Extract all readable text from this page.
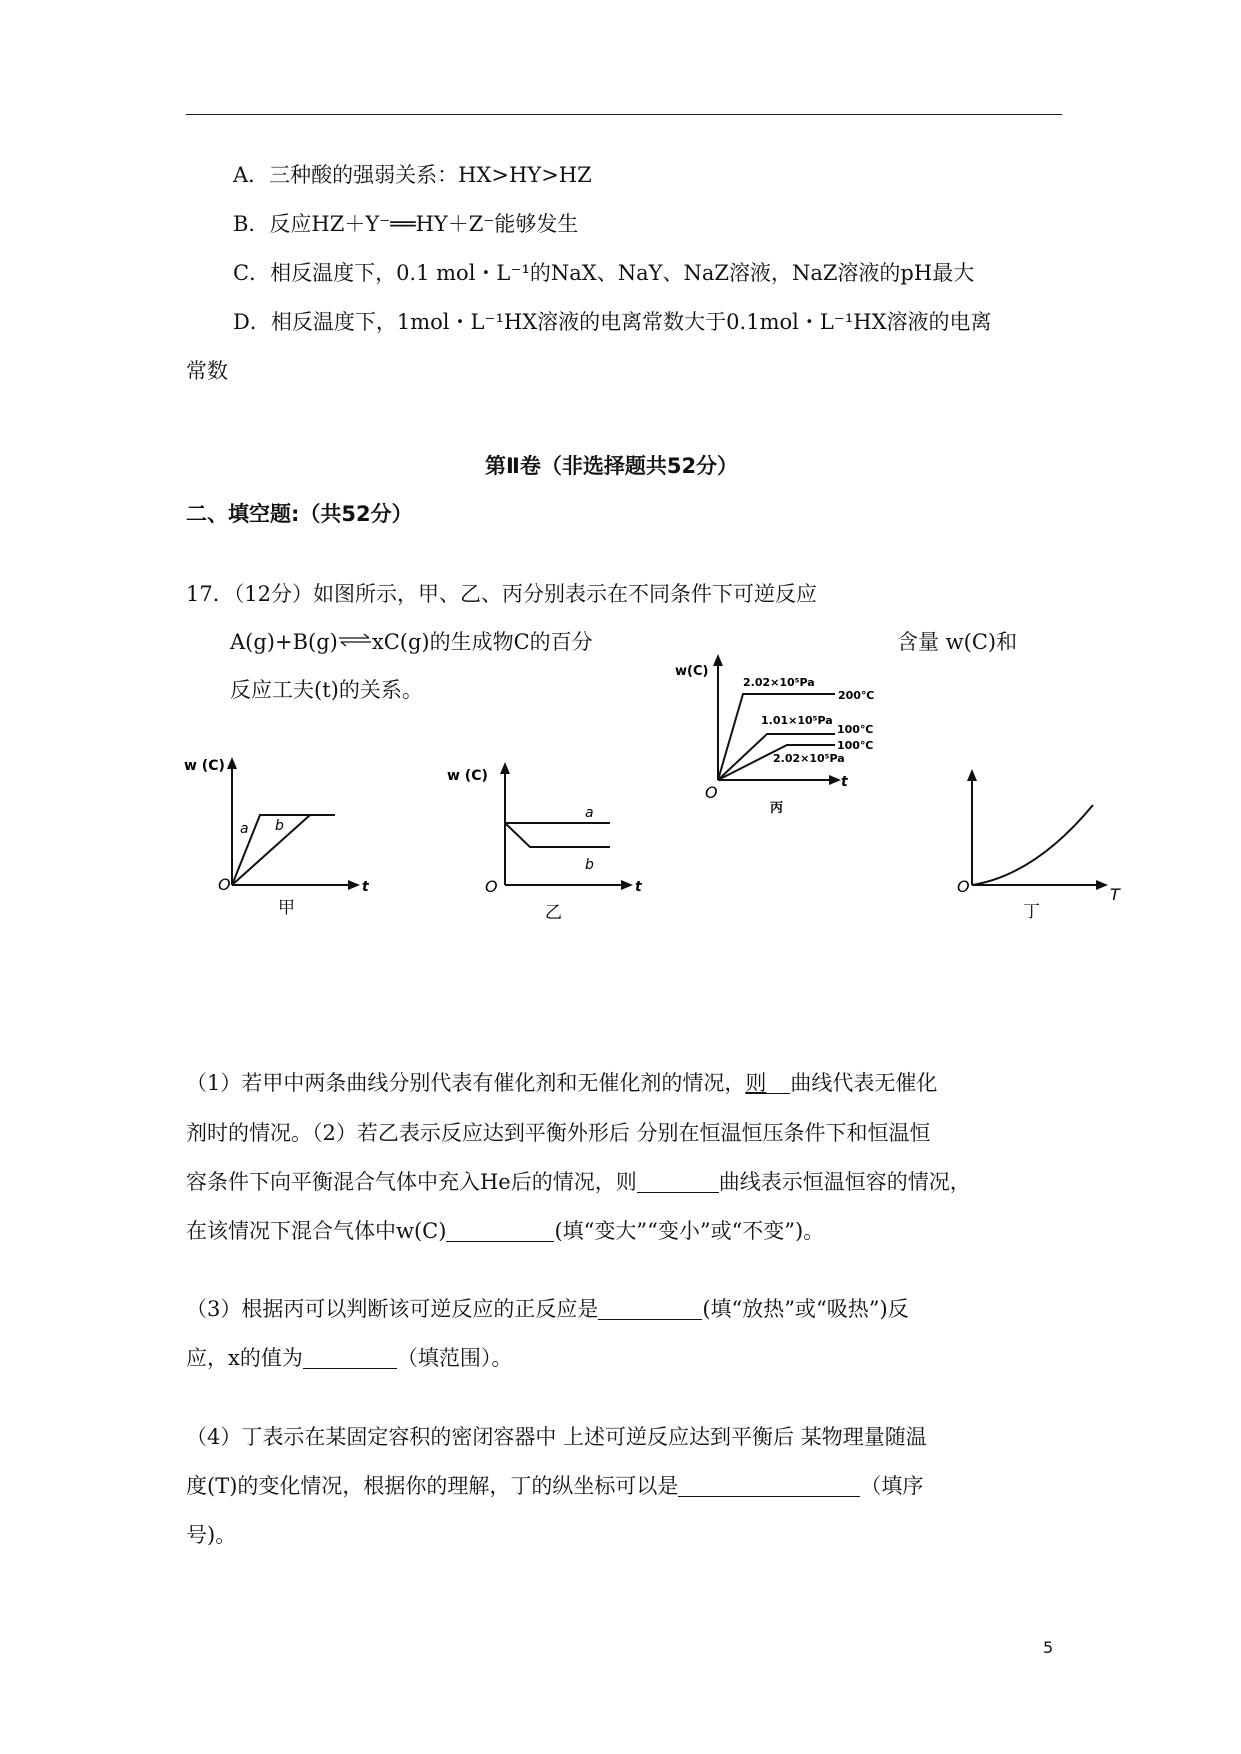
A．三种酸的强弱关系：HX>HY>HZ
B．反应HZ＋Y⁻══HY＋Z⁻能够发生
C．相反温度下，0.1 mol・L⁻¹的NaX、NaY、NaZ溶液，NaZ溶液的pH最大
D．相反温度下，1mol・L⁻¹HX溶液的电离常数大于0.1mol・L⁻¹HX溶液的电离
常数
第Ⅱ卷（非选择题共52分）
二、填空题:（共52分）
17．（12分）如图所示，甲、乙、丙分别表示在不同条件下可逆反应
A(g)+B(g)⇌xC(g)的生成物C的百分	含量 w(C)和
反应工夫(t)的关系。
w (C)
t
O
a b
甲
w (C)
t
O
a
b
乙
w(C)
t
O
2.02×10⁵Pa
200℃
1.01×10⁵Pa
100℃
2.02×10⁵Pa
100℃
丙
T
O
丁
（1）若甲中两条曲线分别代表有催化剂和无催化剂的情况，则 曲线代表无催化
剂时的情况。（2）若乙表示反应达到平衡外形后 分别在恒温恒压条件下和恒温恒
容条件下向平衡混合气体中充入He后的情况，则	曲线表示恒温恒容的情况，
在该情况下混合气体中w(C)	(填“变大”“变小”或“不变”)。
（3）根据丙可以判断该可逆反应的正反应是	(填“放热”或“吸热”)反
应，x的值为	（填范围）。
（4）丁表示在某固定容积的密闭容器中 上述可逆反应达到平衡后 某物理量随温
度(T)的变化情况，根据你的理解，丁的纵坐标可以是	（填序
号)。
5
